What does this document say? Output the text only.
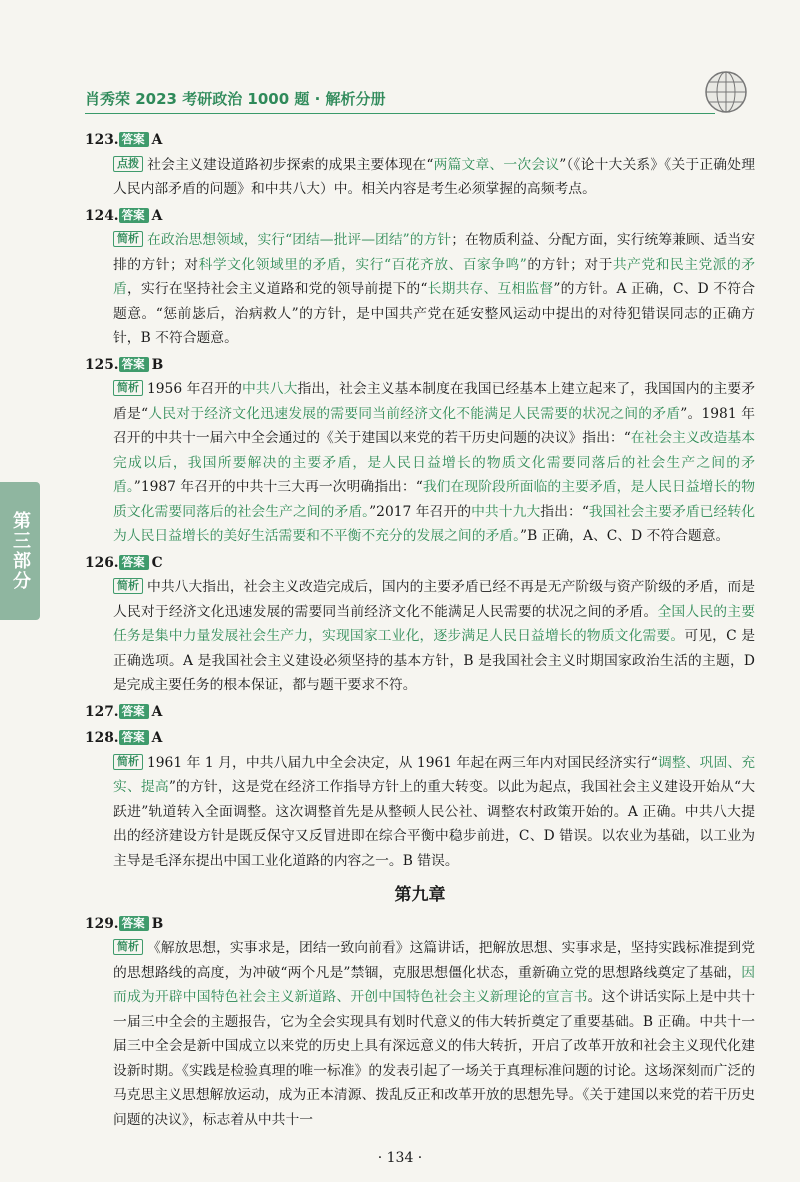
肖秀荣 2023 考研政治 1000 题 · 解析分册
第三部分
123. 答案 A
点拨 社会主义建设道路初步探索的成果主要体现在“两篇文章、一次会议”（《论十大关系》《关于正确处理人民内部矛盾的问题》和中共八大）中。相关内容是考生必须掌握的高频考点。
124. 答案 A
简析 在政治思想领域，实行“团结—批评—团结”的方针；在物质利益、分配方面，实行统筹兼顾、适当安排的方针；对科学文化领域里的矛盾，实行“百花齐放、百家争鸣”的方针；对于共产党和民主党派的矛盾，实行在坚持社会主义道路和党的领导前提下的“长期共存、互相监督”的方针。A 正确，C、D 不符合题意。“惩前毖后，治病救人”的方针，是中国共产党在延安整风运动中提出的对待犯错误同志的正确方针，B 不符合题意。
125. 答案 B
简析 1956 年召开的中共八大指出，社会主义基本制度在我国已经基本上建立起来了，我国国内的主要矛盾是“人民对于经济文化迅速发展的需要同当前经济文化不能满足人民需要的状况之间的矛盾”。1981 年召开的中共十一届六中全会通过的《关于建国以来党的若干历史问题的决议》指出：“在社会主义改造基本完成以后，我国所要解决的主要矛盾，是人民日益增长的物质文化需要同落后的社会生产之间的矛盾。”1987 年召开的中共十三大再一次明确指出：“我们在现阶段所面临的主要矛盾，是人民日益增长的物质文化需要同落后的社会生产之间的矛盾。”2017 年召开的中共十九大指出：“我国社会主要矛盾已经转化为人民日益增长的美好生活需要和不平衡不充分的发展之间的矛盾。”B 正确，A、C、D 不符合题意。
126. 答案 C
简析 中共八大指出，社会主义改造完成后，国内的主要矛盾已经不再是无产阶级与资产阶级的矛盾，而是人民对于经济文化迅速发展的需要同当前经济文化不能满足人民需要的状况之间的矛盾。全国人民的主要任务是集中力量发展社会生产力，实现国家工业化，逐步满足人民日益增长的物质文化需要。可见，C 是正确选项。A 是我国社会主义建设必须坚持的基本方针，B 是我国社会主义时期国家政治生活的主题，D 是完成主要任务的根本保证，都与题干要求不符。
127. 答案 A
128. 答案 A
简析 1961 年 1 月，中共八届九中全会决定，从 1961 年起在两三年内对国民经济实行“调整、巩固、充实、提高”的方针，这是党在经济工作指导方针上的重大转变。以此为起点，我国社会主义建设开始从“大跃进”轨道转入全面调整。这次调整首先是从整顿人民公社、调整农村政策开始的。A 正确。中共八大提出的经济建设方针是既反保守又反冒进即在综合平衡中稳步前进，C、D 错误。以农业为基础，以工业为主导是毛泽东提出中国工业化道路的内容之一。B 错误。
第九章
129. 答案 B
简析 《解放思想，实事求是，团结一致向前看》这篇讲话，把解放思想、实事求是，坚持实践标准提到党的思想路线的高度，为冲破“两个凡是”禁锢，克服思想僵化状态，重新确立党的思想路线奠定了基础，因而成为开辟中国特色社会主义新道路、开创中国特色社会主义新理论的宣言书。这个讲话实际上是中共十一届三中全会的主题报告，它为全会实现具有划时代意义的伟大转折奠定了重要基础。B 正确。中共十一届三中全会是新中国成立以来党的历史上具有深远意义的伟大转折，开启了改革开放和社会主义现代化建设新时期。《实践是检验真理的唯一标准》的发表引起了一场关于真理标准问题的讨论。这场深刻而广泛的马克思主义思想解放运动，成为正本清源、拨乱反正和改革开放的思想先导。《关于建国以来党的若干历史问题的决议》，标志着从中共十一
· 134 ·
